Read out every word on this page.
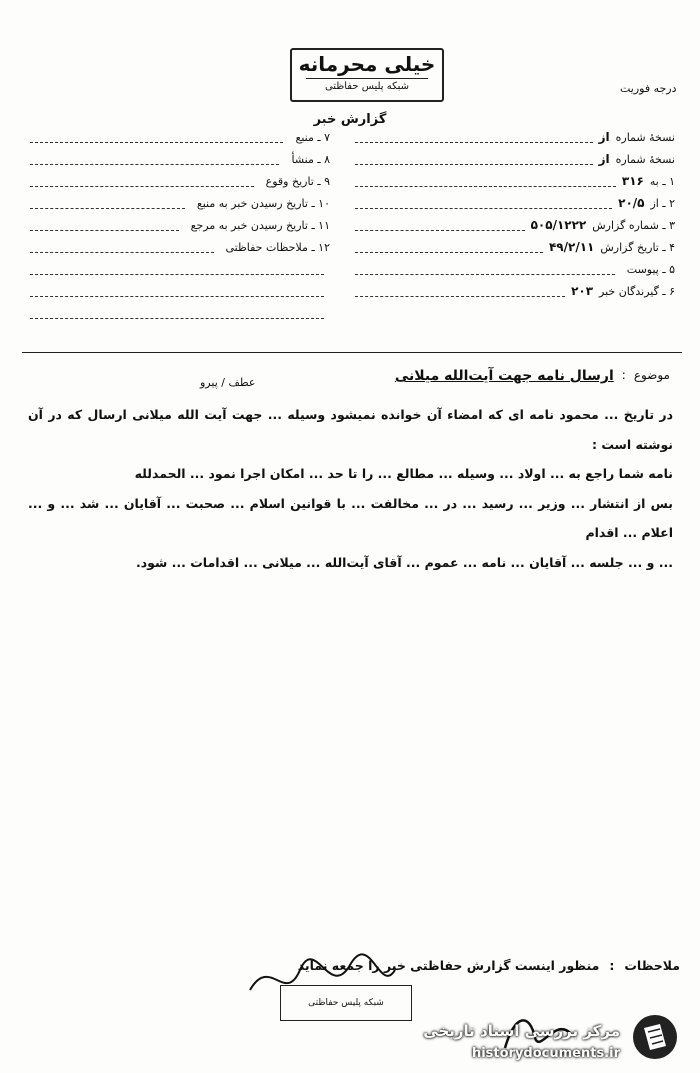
خیلی محرمانه
شبکه پلیس حفاظتی	درجه فوریت
گزارش خبر
نسخهٔ شماره
از
نسخهٔ شماره
از
۱ ـ به
۳۱۶
۲ ـ از
۲۰/۵
۳ ـ شماره گزارش
۵۰۵/۱۲۲۲
۴ ـ تاریخ گزارش
۴۹/۲/۱۱
۵ ـ پیوست
۶ ـ گیرندگان خبر
۲۰۳
۷ ـ منبع
۸ ـ منشأ
۹ ـ تاریخ وقوع
۱۰ ـ تاریخ رسیدن خبر به منبع
۱۱ ـ تاریخ رسیدن خبر به مرجع
۱۲ ـ ملاحظات حفاظتی
موضوع
:
ارسال نامه جهت آیت‌الله میلانی
عطف / پیرو

در تاریخ ... محمود نامه ای که امضاء آن خوانده نمیشود وسیله ... جهت آیت الله میلانی ارسال که در آن نوشته است :

نامه شما راجع به ... اولاد ... وسیله ... مطالع ... را تا حد ... امکان اجرا نمود ... الحمدلله

بس از انتشار ... وزیر ... رسید ... در ... مخالفت ... با قوانین اسلام ... صحبت ... آقایان ... شد ... و ... اعلام ... اقدام

... و ... جلسه ... آقایان ... نامه ... عموم ... آقای آیت‌الله ... میلانی ... اقدامات ... شود.

ملاحظات
:
منظور اینست گزارش حفاظتی خبر را جمعه نماید
شبکه پلیس حفاظتی
مرکز بررسی اسناد تاریخی
historydocuments.ir
